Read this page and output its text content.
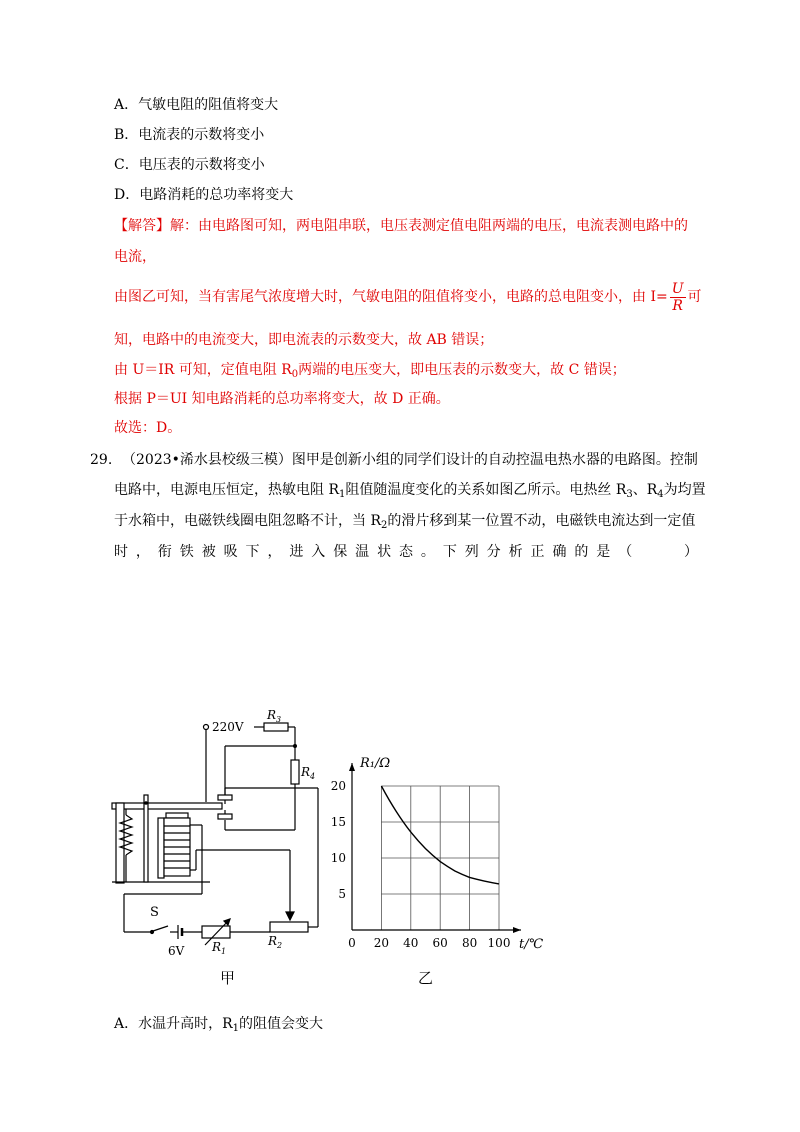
A．气敏电阻的阻值将变大
B．电流表的示数将变小
C．电压表的示数将变小
D．电路消耗的总功率将变大
【解答】解：由电路图可知，两电阻串联，电压表测定值电阻两端的电压，电流表测电路中的
电流，
由图乙可知，当有害尾气浓度增大时，气敏电阻的阻值将变小，电路的总电阻变小，由 $I= \frac{U}{R}$ 可
知，电路中的电流变大，即电流表的示数变大，故 AB 错误；
由 U＝IR 可知，定值电阻 $R_0$两端的电压变大，即电压表的示数变大，故 C 错误；
根据 P＝UI 知电路消耗的总功率将变大，故 D 正确。
故选：D。
29. （2023•浠水县校级三模）图甲是创新小组的同学们设计的自动控温电热水器的电路图。控制
电路中，电源电压恒定，热敏电阻 $R_1$阻值随温度变化的关系如图乙所示。电热丝 $R_3$、$R_4$为均置
于水箱中，电磁铁线圈电阻忽略不计，当 $R_2$的滑片移到某一位置不动，电磁铁电流达到一定值
时 ， 衔 铁 被 吸 下 ， 进 入 保 温 状 态 。 下 列 分 析 正 确 的 是 （

　	）
220V
$R_3$
$R_4$
S
6V $R_1$
$R_2$
甲
0 20 40 60 80 100
5
10
15
20
R₁/Ω
t/℃
乙
A．水温升高时，$R_1$的阻值会变大
